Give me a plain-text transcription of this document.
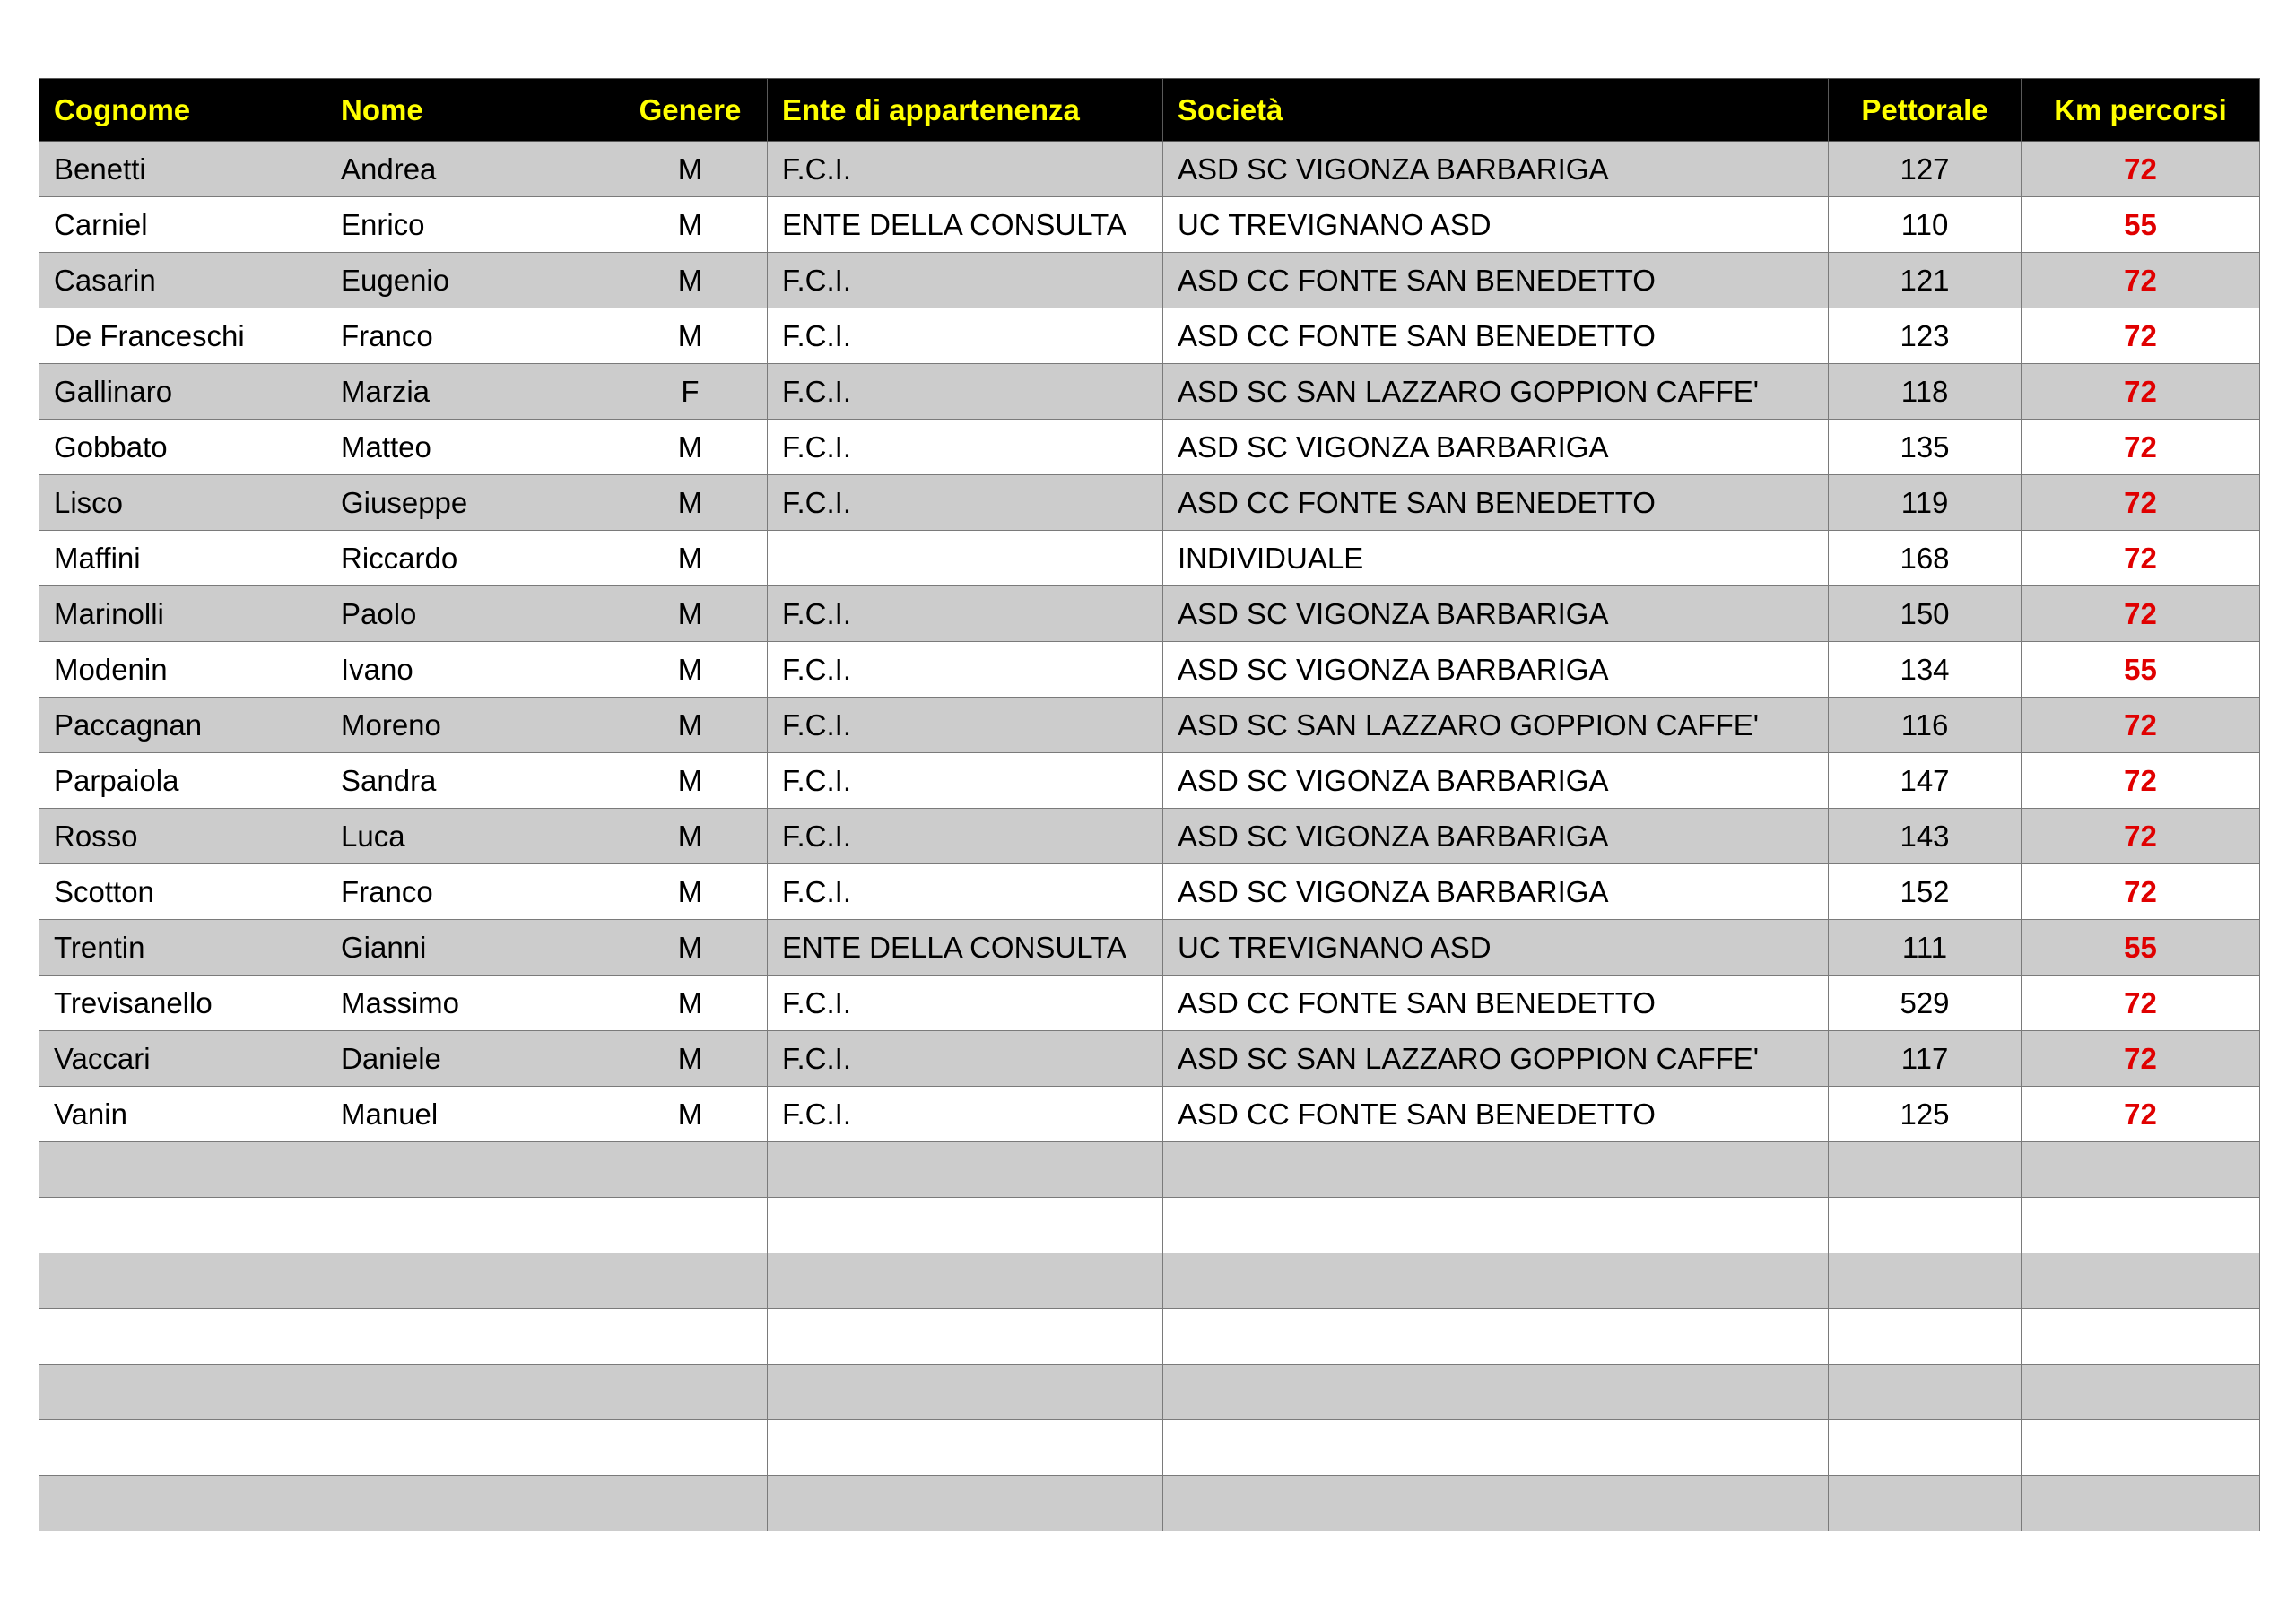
Cognome	Nome	Genere	Ente di appartenenza	Società	Pettorale	Km percorsi
Benetti	Andrea	M	F.C.I.	ASD SC VIGONZA BARBARIGA	127	72
Carniel	Enrico	M	ENTE DELLA CONSULTA	UC TREVIGNANO ASD	110	55
Casarin	Eugenio	M	F.C.I.	ASD CC FONTE SAN BENEDETTO	121	72
De Franceschi	Franco	M	F.C.I.	ASD CC FONTE SAN BENEDETTO	123	72
Gallinaro	Marzia	F	F.C.I.	ASD SC SAN LAZZARO GOPPION CAFFE'	118	72
Gobbato	Matteo	M	F.C.I.	ASD SC VIGONZA BARBARIGA	135	72
Lisco	Giuseppe	M	F.C.I.	ASD CC FONTE SAN BENEDETTO	119	72
Maffini	Riccardo	M		INDIVIDUALE	168	72
Marinolli	Paolo	M	F.C.I.	ASD SC VIGONZA BARBARIGA	150	72
Modenin	Ivano	M	F.C.I.	ASD SC VIGONZA BARBARIGA	134	55
Paccagnan	Moreno	M	F.C.I.	ASD SC SAN LAZZARO GOPPION CAFFE'	116	72
Parpaiola	Sandra	M	F.C.I.	ASD SC VIGONZA BARBARIGA	147	72
Rosso	Luca	M	F.C.I.	ASD SC VIGONZA BARBARIGA	143	72
Scotton	Franco	M	F.C.I.	ASD SC VIGONZA BARBARIGA	152	72
Trentin	Gianni	M	ENTE DELLA CONSULTA	UC TREVIGNANO ASD	111	55
Trevisanello	Massimo	M	F.C.I.	ASD CC FONTE SAN BENEDETTO	529	72
Vaccari	Daniele	M	F.C.I.	ASD SC SAN LAZZARO GOPPION CAFFE'	117	72
Vanin	Manuel	M	F.C.I.	ASD CC FONTE SAN BENEDETTO	125	72
